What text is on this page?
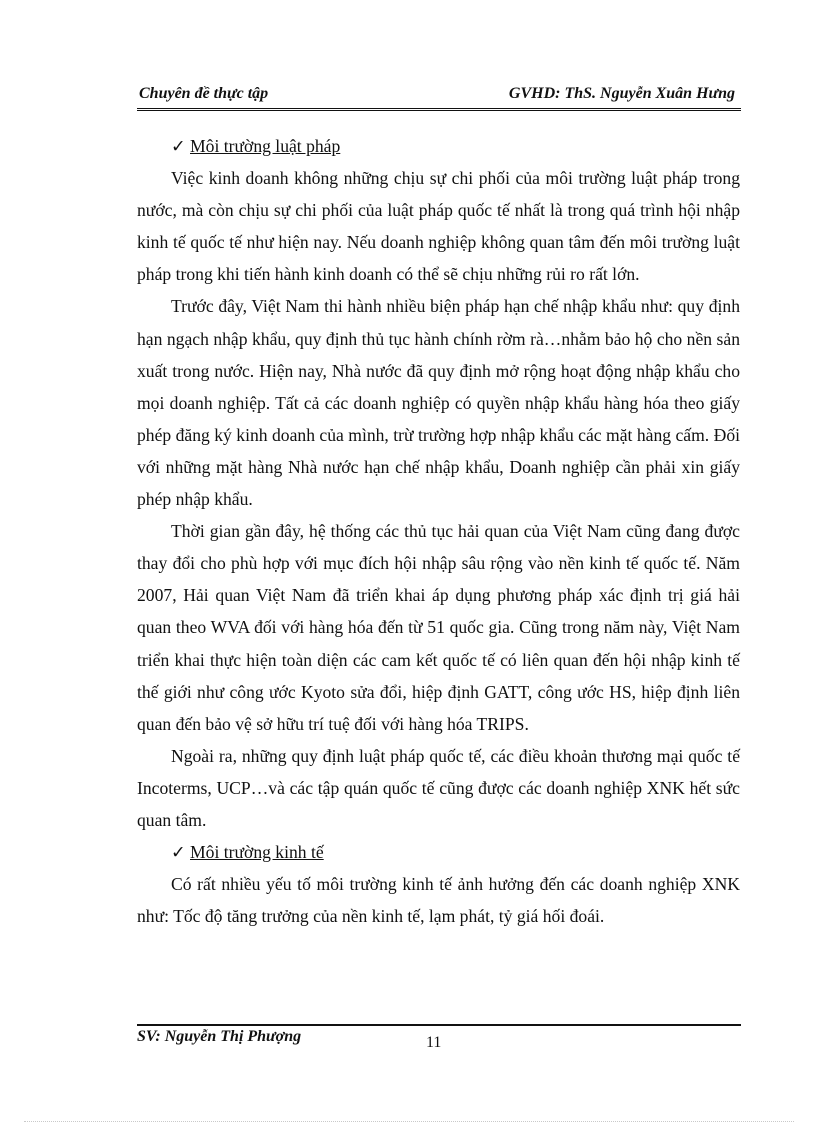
Chuyên đề thực tập	GVHD: ThS. Nguyễn Xuân Hưng
✓ Môi trường luật pháp

Việc kinh doanh không những chịu sự chi phối của môi trường luật pháp trong nước, mà còn chịu sự chi phối của luật pháp quốc tế nhất là trong quá trình hội nhập kinh tế quốc tế như hiện nay. Nếu doanh nghiệp không quan tâm đến môi trường luật pháp trong khi tiến hành kinh doanh có thể sẽ chịu những rủi ro rất lớn.

Trước đây, Việt Nam thi hành nhiều biện pháp hạn chế nhập khẩu như: quy định hạn ngạch nhập khẩu, quy định thủ tục hành chính rờm rà…nhằm bảo hộ cho nền sản xuất trong nước. Hiện nay, Nhà nước đã quy định mở rộng hoạt động nhập khẩu cho mọi doanh nghiệp. Tất cả các doanh nghiệp có quyền nhập khẩu hàng hóa theo giấy phép đăng ký kinh doanh của mình, trừ trường hợp nhập khẩu các mặt hàng cấm. Đối với những mặt hàng Nhà nước hạn chế nhập khẩu, Doanh nghiệp cần phải xin giấy phép nhập khẩu.

Thời gian gần đây, hệ thống các thủ tục hải quan của Việt Nam cũng đang được thay đổi cho phù hợp với mục đích hội nhập sâu rộng vào nền kinh tế quốc tế. Năm 2007, Hải quan Việt Nam đã triển khai áp dụng phương pháp xác định trị giá hải quan theo WVA đối với hàng hóa đến từ 51 quốc gia. Cũng trong năm này, Việt Nam triển khai thực hiện toàn diện các cam kết quốc tế có liên quan đến hội nhập kinh tế thế giới như công ước Kyoto sửa đổi, hiệp định GATT, công ước HS, hiệp định liên quan đến bảo vệ sở hữu trí tuệ đối với hàng hóa TRIPS.

Ngoài ra, những quy định luật pháp quốc tế, các điều khoản thương mại quốc tế Incoterms, UCP…và các tập quán quốc tế cũng được các doanh nghiệp XNK hết sức quan tâm.

✓ Môi trường kinh tế

Có rất nhiều yếu tố môi trường kinh tế ảnh hưởng đến các doanh nghiệp XNK như: Tốc độ tăng trưởng của nền kinh tế, lạm phát, tỷ giá hối đoái.

SV: Nguyễn Thị Phượng	11
